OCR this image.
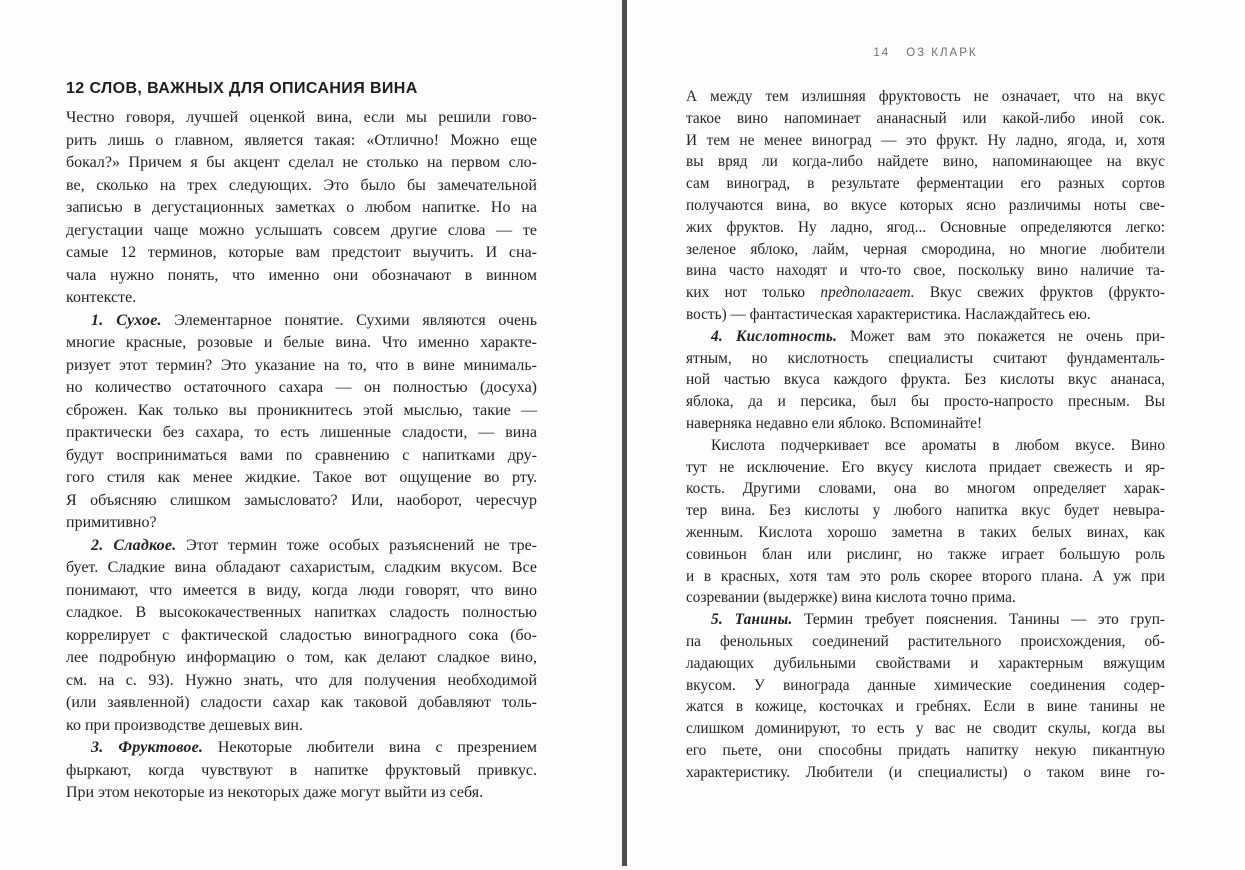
12 СЛОВ, ВАЖНЫХ ДЛЯ ОПИСАНИЯ ВИНА
Честно говоря, лучшей оценкой вина, если мы решили гово-
рить лишь о главном, является такая: «Отлично! Можно еще
бокал?» Причем я бы акцент сделал не столько на первом сло-
ве, сколько на трех следующих. Это было бы замечательной
записью в дегустационных заметках о любом напитке. Но на
дегустации чаще можно услышать совсем другие слова — те
самые 12 терминов, которые вам предстоит выучить. И сна-
чала нужно понять, что именно они обозначают в винном
контексте.
1. Сухое. Элементарное понятие. Сухими являются очень
многие красные, розовые и белые вина. Что именно характе-
ризует этот термин? Это указание на то, что в вине минималь-
но количество остаточного сахара — он полностью (досуха)
сброжен. Как только вы проникнитесь этой мыслью, такие —
практически без сахара, то есть лишенные сладости, — вина
будут восприниматься вами по сравнению с напитками дру-
гого стиля как менее жидкие. Такое вот ощущение во рту.
Я объясняю слишком замысловато? Или, наоборот, чересчур
примитивно?
2. Сладкое. Этот термин тоже особых разъяснений не тре-
бует. Сладкие вина обладают сахаристым, сладким вкусом. Все
понимают, что имеется в виду, когда люди говорят, что вино
сладкое. В высококачественных напитках сладость полностью
коррелирует с фактической сладостью виноградного сока (бо-
лее подробную информацию о том, как делают сладкое вино,
см. на с. 93). Нужно знать, что для получения необходимой
(или заявленной) сладости сахар как таковой добавляют толь-
ко при производстве дешевых вин.
3. Фруктовое. Некоторые любители вина с презрением
фыркают, когда чувствуют в напитке фруктовый привкус.
При этом некоторые из некоторых даже могут выйти из себя.
14 ОЗ КЛАРК
А между тем излишняя фруктовость не означает, что на вкус
такое вино напоминает ананасный или какой-либо иной сок.
И тем не менее виноград — это фрукт. Ну ладно, ягода, и, хотя
вы вряд ли когда-либо найдете вино, напоминающее на вкус
сам виноград, в результате ферментации его разных сортов
получаются вина, во вкусе которых ясно различимы ноты све-
жих фруктов. Ну ладно, ягод... Основные определяются легко:
зеленое яблоко, лайм, черная смородина, но многие любители
вина часто находят и что-то свое, поскольку вино наличие та-
ких нот только предполагает. Вкус свежих фруктов (фрукто-
вость) — фантастическая характеристика. Наслаждайтесь ею.
4. Кислотность. Может вам это покажется не очень при-
ятным, но кислотность специалисты считают фундаменталь-
ной частью вкуса каждого фрукта. Без кислоты вкус ананаса,
яблока, да и персика, был бы просто-напросто пресным. Вы
наверняка недавно ели яблоко. Вспоминайте!
Кислота подчеркивает все ароматы в любом вкусе. Вино
тут не исключение. Его вкусу кислота придает свежесть и яр-
кость. Другими словами, она во многом определяет харак-
тер вина. Без кислоты у любого напитка вкус будет невыра-
женным. Кислота хорошо заметна в таких белых винах, как
совиньон блан или рислинг, но также играет большую роль
и в красных, хотя там это роль скорее второго плана. А уж при
созревании (выдержке) вина кислота точно прима.
5. Танины. Термин требует пояснения. Танины — это груп-
па фенольных соединений растительного происхождения, об-
ладающих дубильными свойствами и характерным вяжущим
вкусом. У винограда данные химические соединения содер-
жатся в кожице, косточках и гребнях. Если в вине танины не
слишком доминируют, то есть у вас не сводит скулы, когда вы
его пьете, они способны придать напитку некую пикантную
характеристику. Любители (и специалисты) о таком вине го-
